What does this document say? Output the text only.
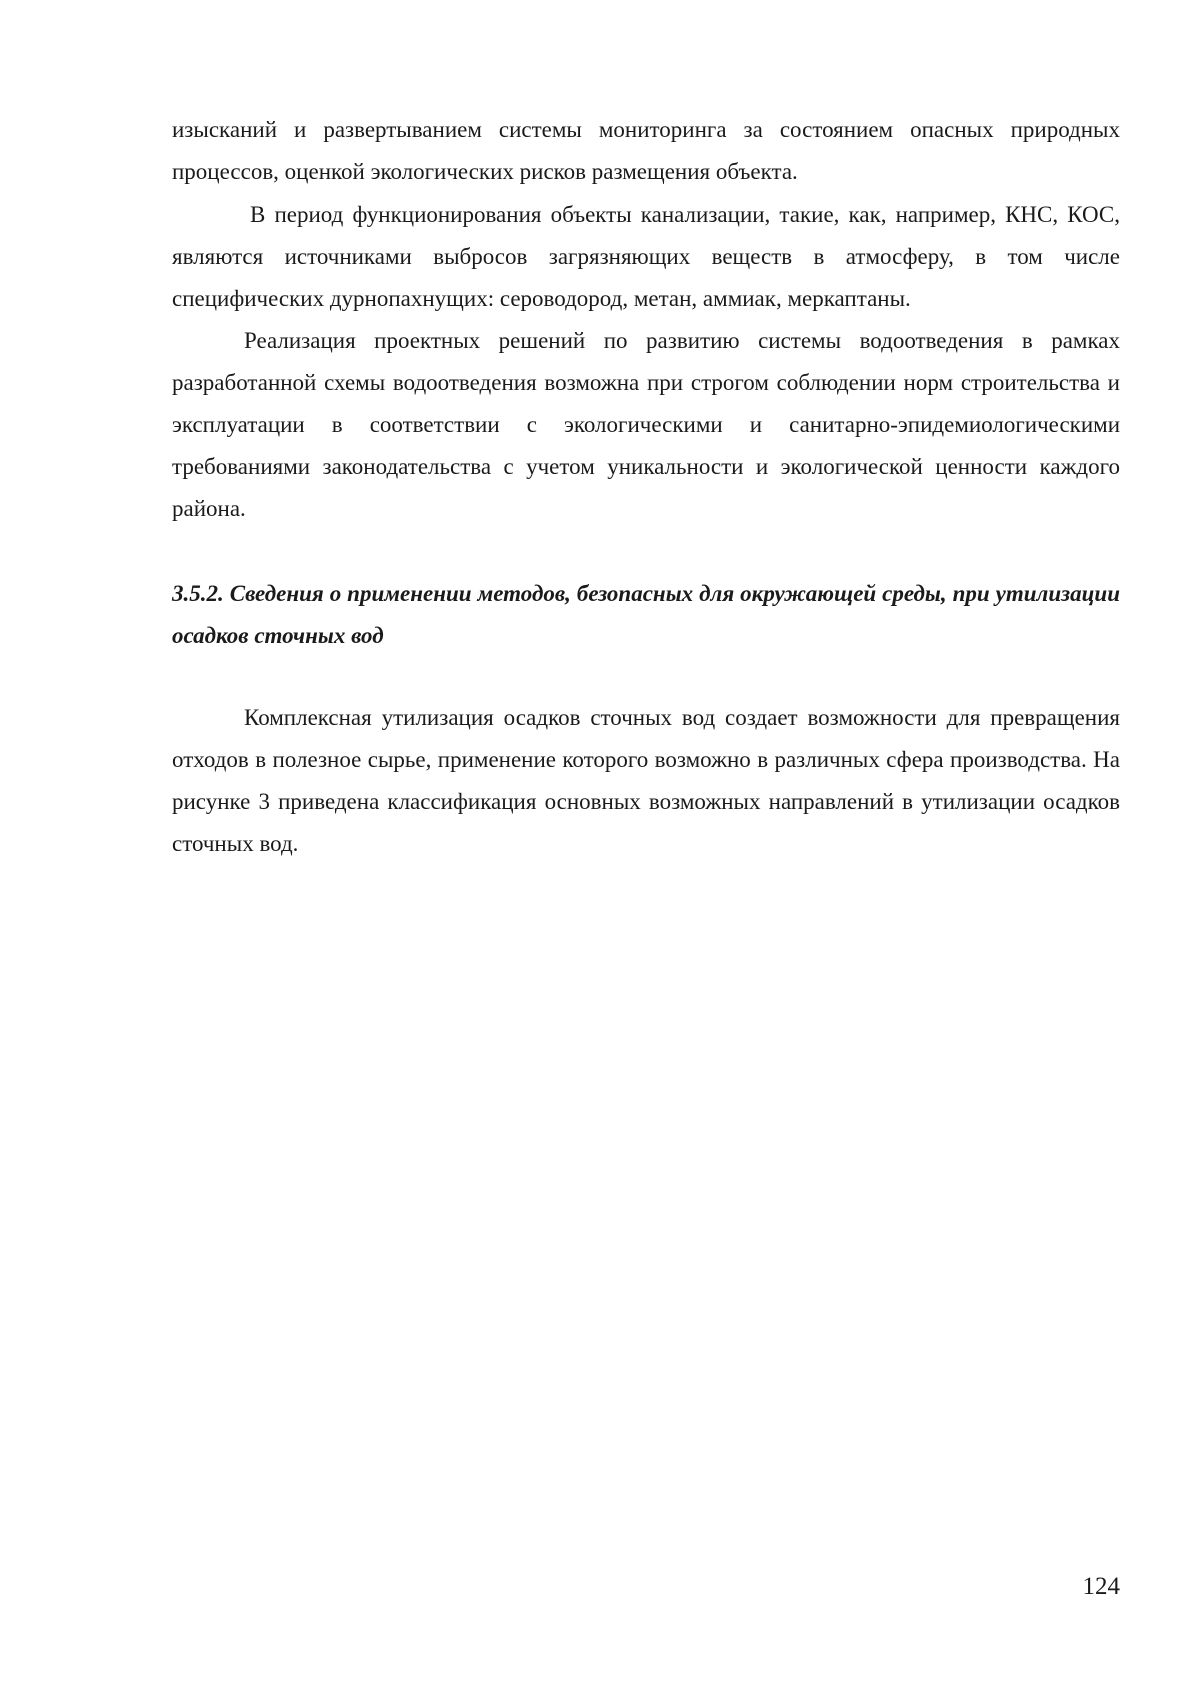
изысканий и развертыванием системы мониторинга за состоянием опасных природных процессов, оценкой экологических рисков размещения объекта.

В период функционирования объекты канализации, такие, как, например, КНС, КОС, являются источниками выбросов загрязняющих веществ в атмосферу, в том числе специфических дурнопахнущих: сероводород, метан, аммиак, меркаптаны.

Реализация проектных решений по развитию системы водоотведения в рамках разработанной схемы водоотведения возможна при строгом соблюдении норм строительства и эксплуатации в соответствии с экологическими и санитарно-эпидемиологическими требованиями законодательства с учетом уникальности и экологической ценности каждого района.

3.5.2. Сведения о применении методов, безопасных для окружающей среды, при утилизации осадков сточных вод

Комплексная утилизация осадков сточных вод создает возможности для превращения отходов в полезное сырье, применение которого возможно в различных сфера производства. На рисунке 3 приведена классификация основных возможных направлений в утилизации осадков сточных вод.

124
